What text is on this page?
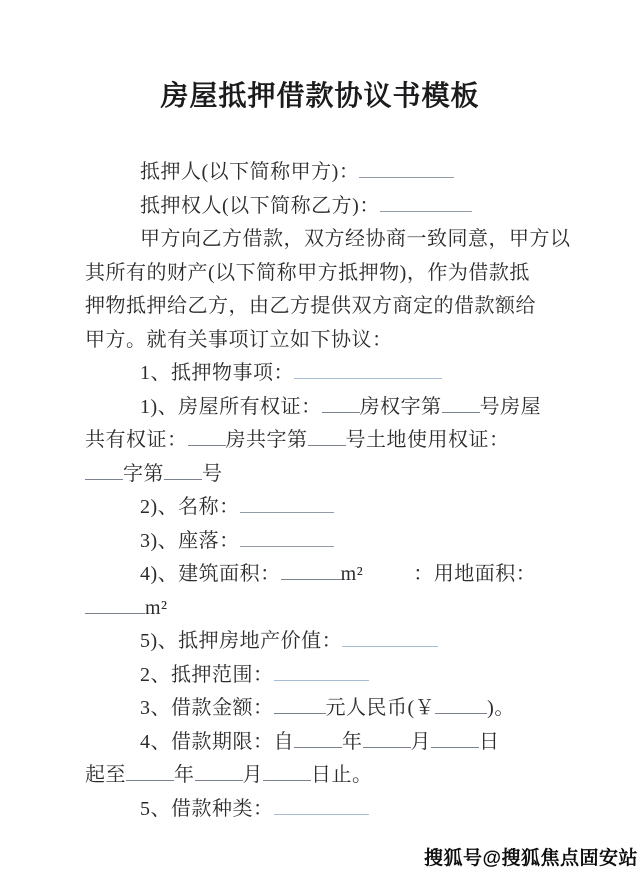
房屋抵押借款协议书模板
抵押人(以下简称甲方)：
抵押权人(以下简称乙方)：
甲方向乙方借款，双方经协商一致同意，甲方以
其所有的财产(以下简称甲方抵押物)，作为借款抵
押物抵押给乙方，由乙方提供双方商定的借款额给
甲方。就有关事项订立如下协议：
1、抵押物事项：
1)、房屋所有权证： 房权字第 号房屋
共有权证： 房共字第 号土地使用权证：
字第 号
2)、名称：
3)、座落：
4)、建筑面积：	m²	：用地面积：
m²
5)、抵押房地产价值：
2、抵押范围：
3、借款金额：	元人民币(￥	)。
4、借款期限：自 年 月 日
起至 年 月 日止。
5、借款种类：
搜狐号@搜狐焦点固安站
